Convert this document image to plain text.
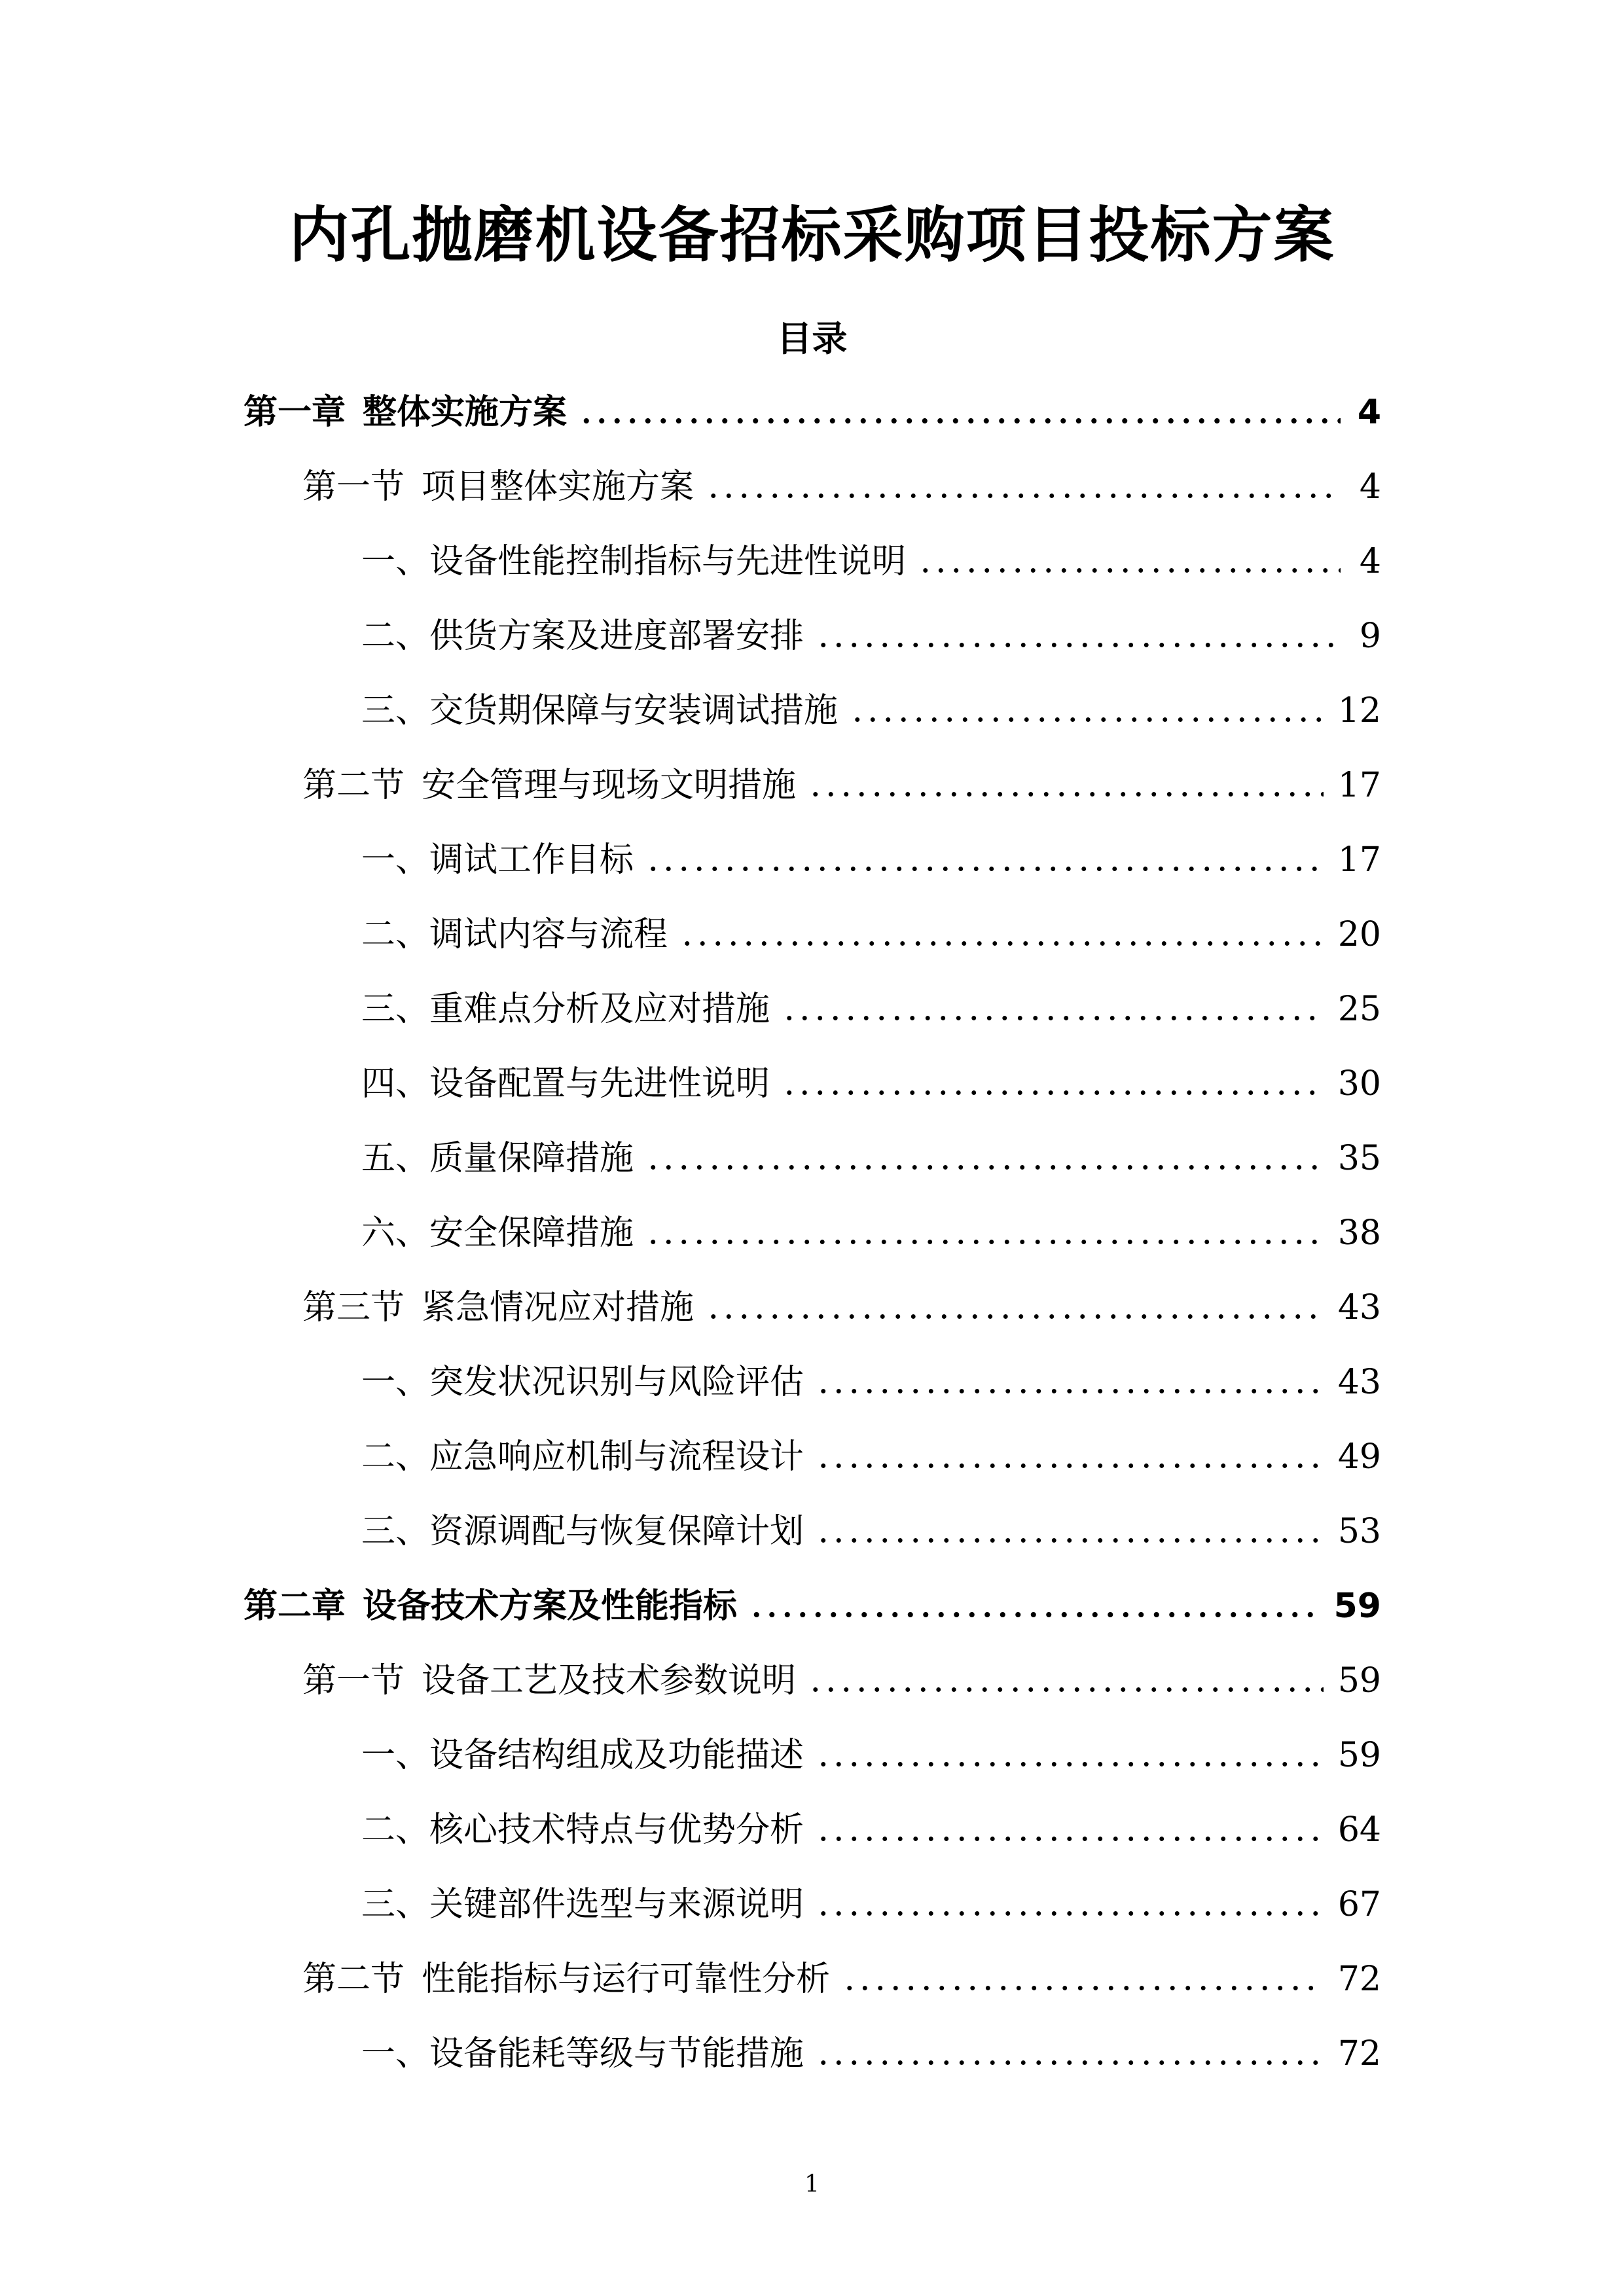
内孔抛磨机设备招标采购项目投标方案
目录
第一章 整体实施方案	4
第一节 项目整体实施方案	4
一、设备性能控制指标与先进性说明	4
二、供货方案及进度部署安排	9
三、交货期保障与安装调试措施	12
第二节 安全管理与现场文明措施	17
一、调试工作目标	17
二、调试内容与流程	20
三、重难点分析及应对措施	25
四、设备配置与先进性说明	30
五、质量保障措施	35
六、安全保障措施	38
第三节 紧急情况应对措施	43
一、突发状况识别与风险评估	43
二、应急响应机制与流程设计	49
三、资源调配与恢复保障计划	53
第二章 设备技术方案及性能指标	59
第一节 设备工艺及技术参数说明	59
一、设备结构组成及功能描述	59
二、核心技术特点与优势分析	64
三、关键部件选型与来源说明	67
第二节 性能指标与运行可靠性分析	72
一、设备能耗等级与节能措施	72
1
